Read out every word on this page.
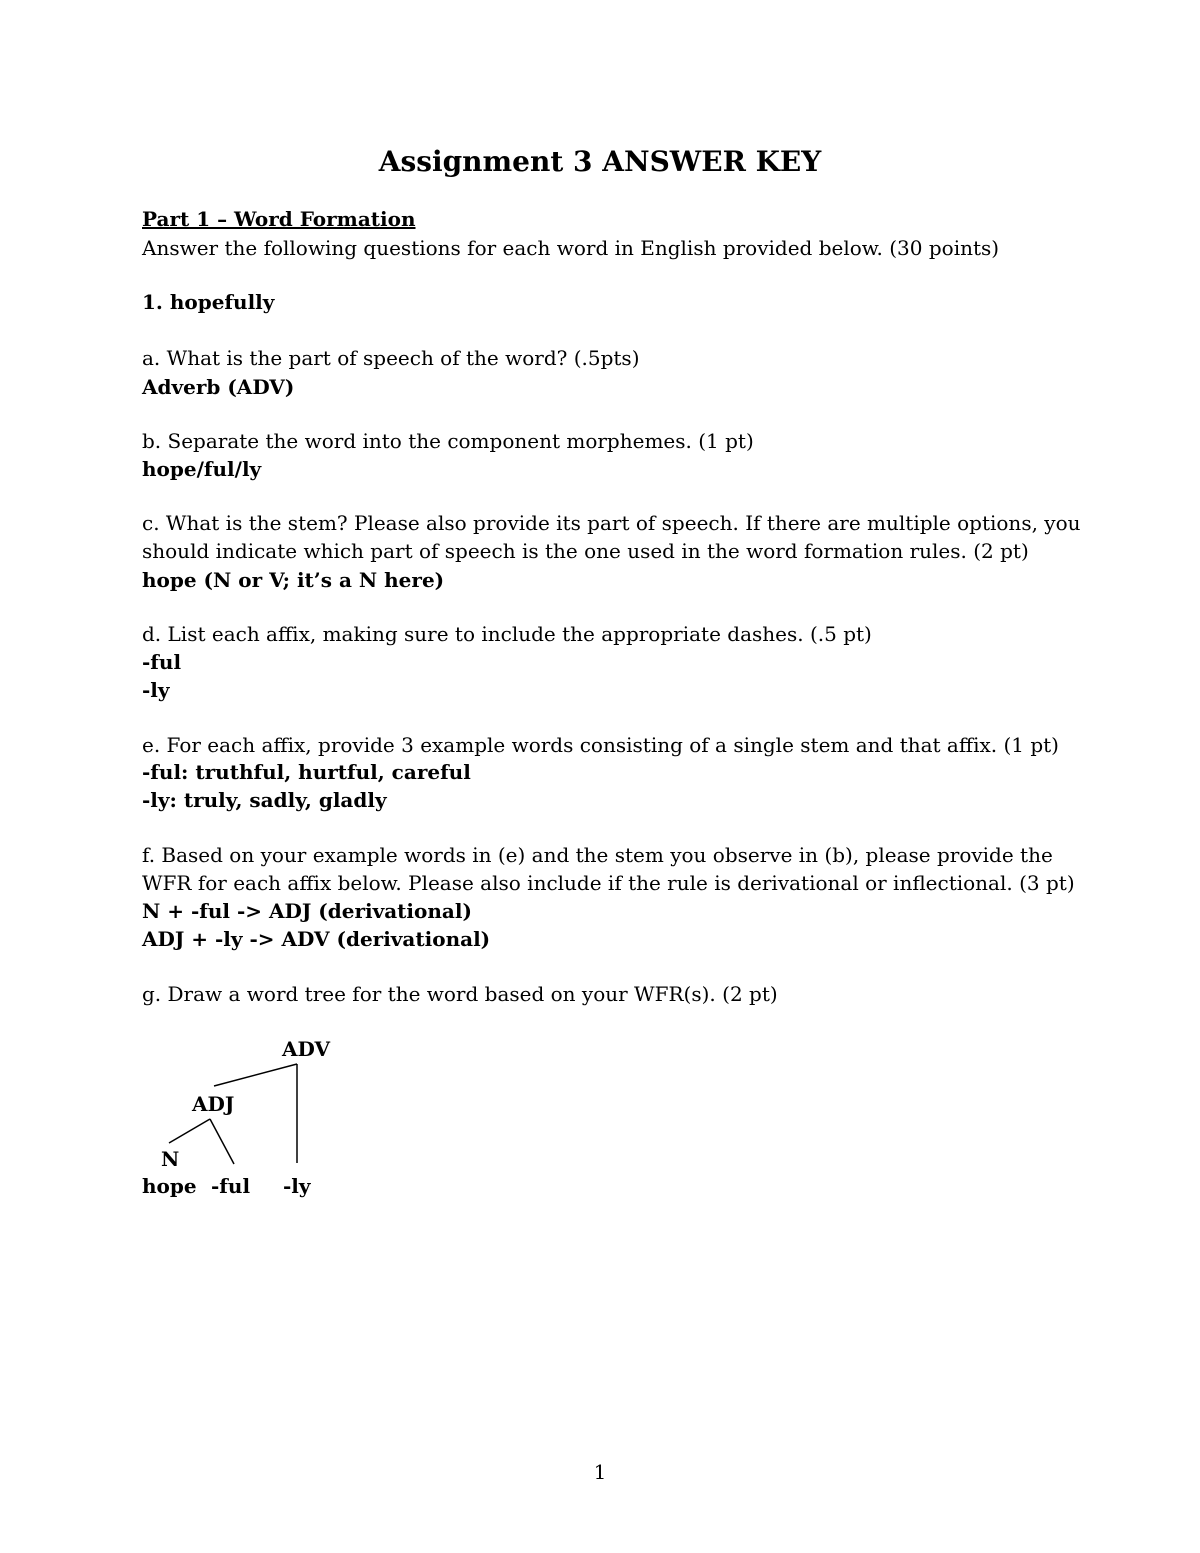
Assignment 3 ANSWER KEY
Part 1 – Word Formation
Answer the following questions for each word in English provided below. (30 points)
1. hopefully
a. What is the part of speech of the word? (.5pts)
Adverb (ADV)
b. Separate the word into the component morphemes. (1 pt)
hope/ful/ly
c. What is the stem? Please also provide its part of speech. If there are multiple options, you
should indicate which part of speech is the one used in the word formation rules. (2 pt)
hope (N or V; it’s a N here)
d. List each affix, making sure to include the appropriate dashes. (.5 pt)
-ful
-ly
e. For each affix, provide 3 example words consisting of a single stem and that affix. (1 pt)
-ful: truthful, hurtful, careful
-ly: truly, sadly, gladly
f. Based on your example words in (e) and the stem you observe in (b), please provide the
WFR for each affix below. Please also include if the rule is derivational or inflectional. (3 pt)
N + -ful -> ADJ (derivational)
ADJ + -ly -> ADV (derivational)
g. Draw a word tree for the word based on your WFR(s). (2 pt)
ADV
ADJ
N
hope -ful -ly
1
